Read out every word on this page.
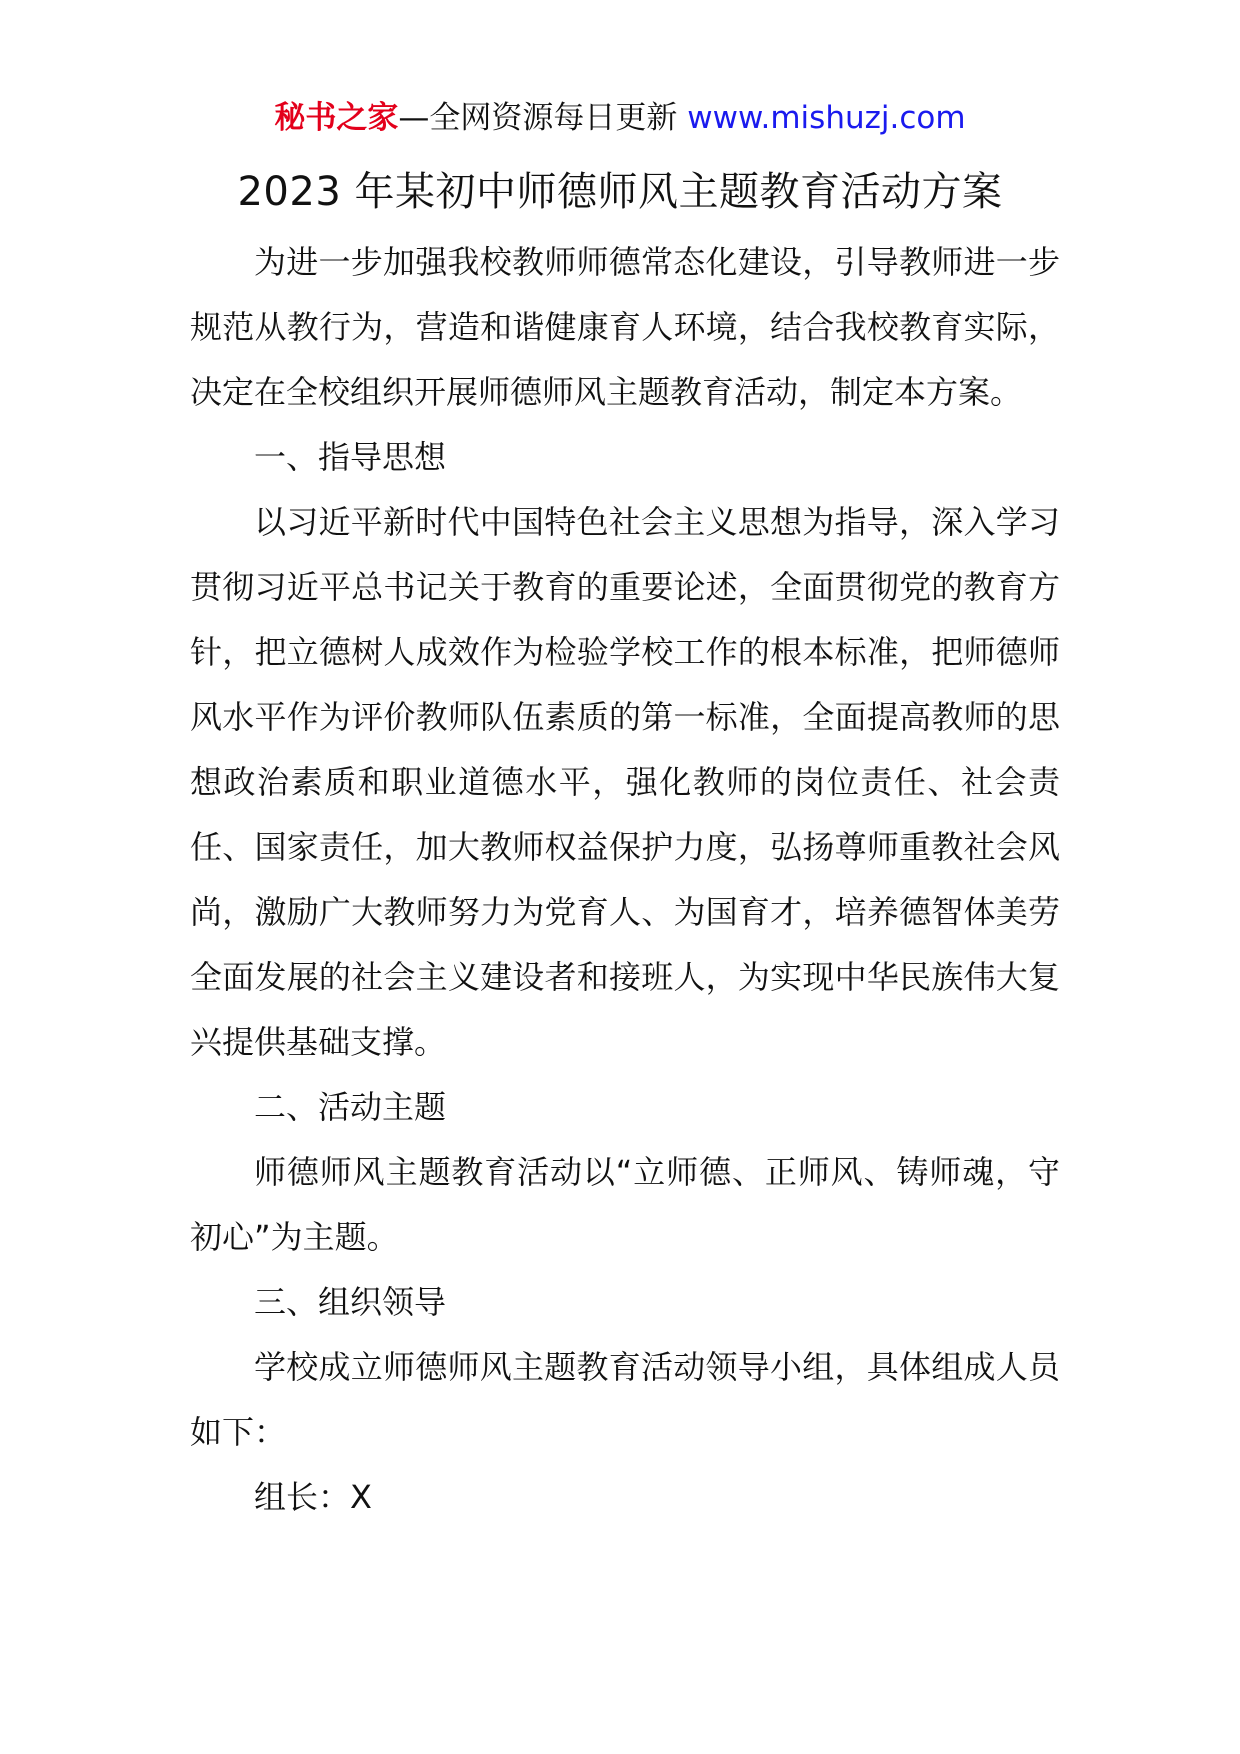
秘书之家—全网资源每日更新 www.mishuzj.com
2023 年某初中师德师风主题教育活动方案

为进一步加强我校教师师德常态化建设，引导教师进一步规范从教行为，营造和谐健康育人环境，结合我校教育实际，决定在全校组织开展师德师风主题教育活动，制定本方案。

一、指导思想

以习近平新时代中国特色社会主义思想为指导，深入学习贯彻习近平总书记关于教育的重要论述，全面贯彻党的教育方针，把立德树人成效作为检验学校工作的根本标准，把师德师风水平作为评价教师队伍素质的第一标准，全面提高教师的思想政治素质和职业道德水平，强化教师的岗位责任、社会责任、国家责任，加大教师权益保护力度，弘扬尊师重教社会风尚，激励广大教师努力为党育人、为国育才，培养德智体美劳全面发展的社会主义建设者和接班人，为实现中华民族伟大复兴提供基础支撑。

二、活动主题

师德师风主题教育活动以“立师德、正师风、铸师魂，守初心”为主题。

三、组织领导

学校成立师德师风主题教育活动领导小组，具体组成人员如下：

组长：X
